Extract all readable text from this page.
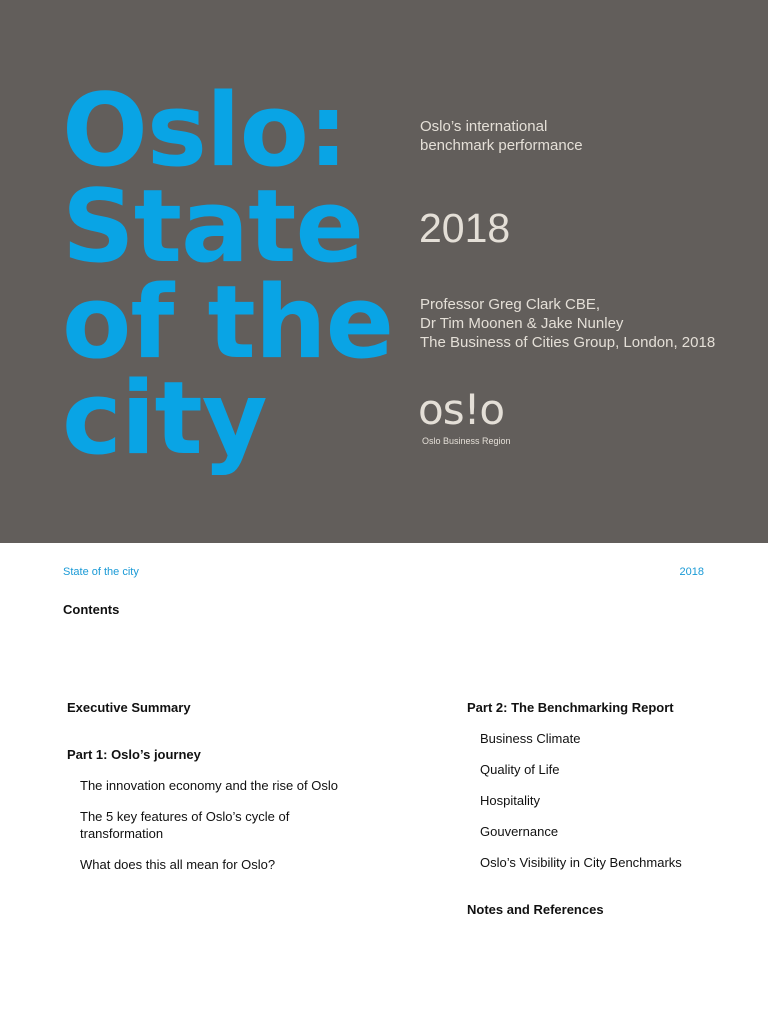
Oslo:
State
of the
city
Oslo’s international
benchmark performance
2018
Professor Greg Clark CBE,
Dr Tim Moonen & Jake Nunley
The Business of Cities Group, London, 2018
os!o
Oslo Business Region
State of the city	2018
Contents
Executive Summary
Part 1: Oslo’s journey
The innovation economy and the rise of Oslo
The 5 key features of Oslo’s cycle of transformation
What does this all mean for Oslo?
Part 2: The Benchmarking Report
Business Climate
Quality of Life
Hospitality
Gouvernance
Oslo’s Visibility in City Benchmarks
Notes and References
